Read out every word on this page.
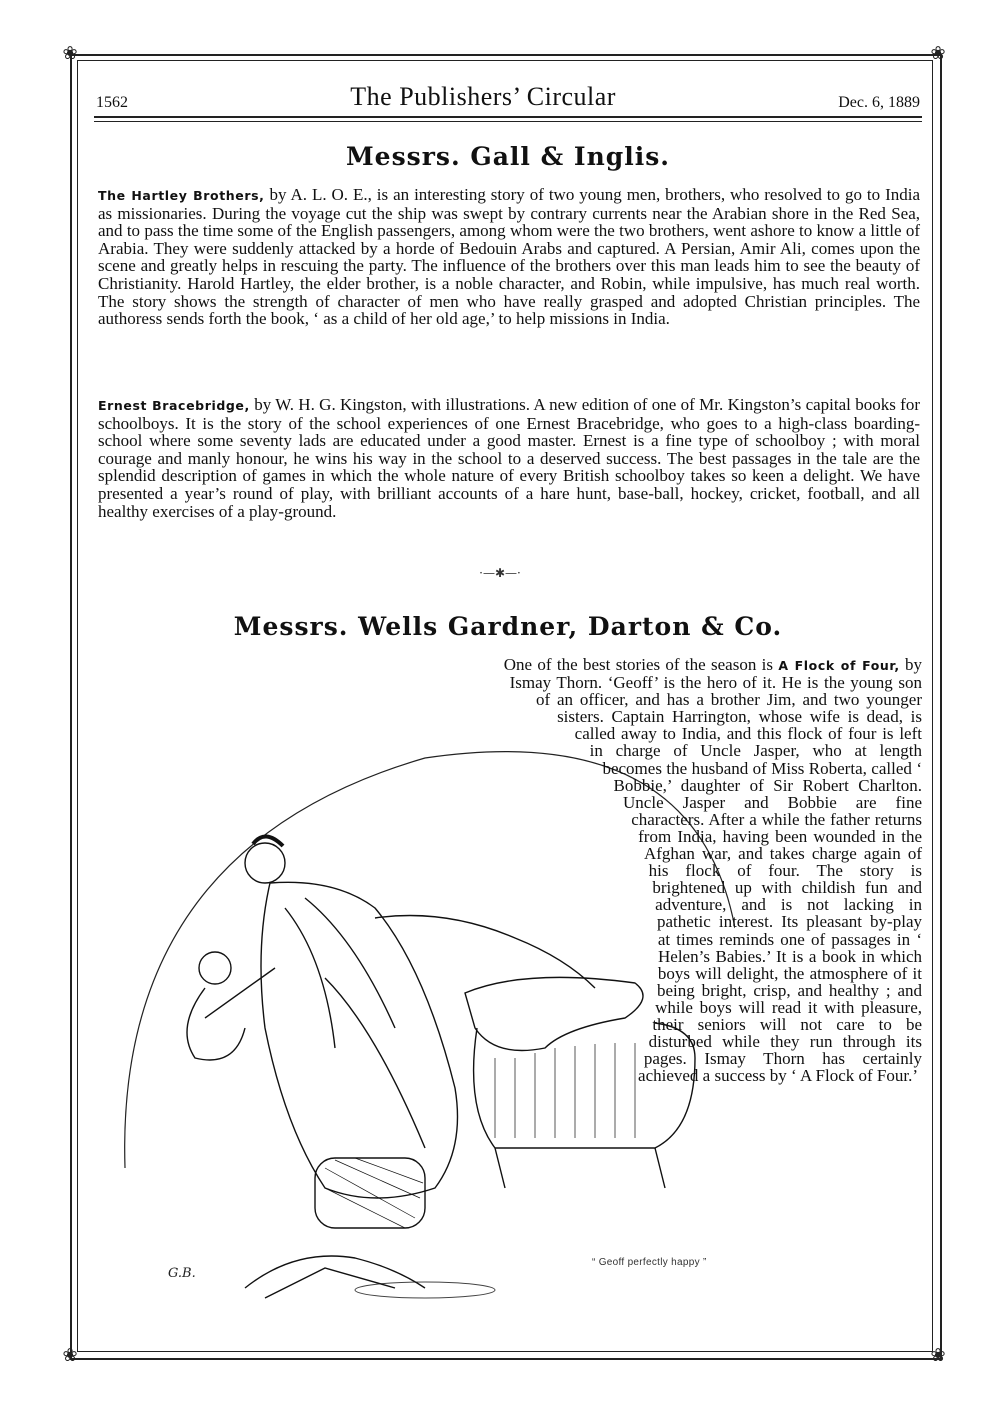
❀	❀
❀	❀
1562	The Publishers’ Circular	Dec. 6, 1889
Messrs. Gall & Inglis.

The Hartley Brothers, by A. L. O. E., is an interesting story of two young men, brothers, who resolved to go to India as missionaries. During the voyage cut the ship was swept by contrary currents near the Arabian shore in the Red Sea, and to pass the time some of the English passengers, among whom were the two brothers, went ashore to know a little of Arabia. They were suddenly attacked by a horde of Bedouin Arabs and captured. A Persian, Amir Ali, comes upon the scene and greatly helps in rescuing the party. The influence of the brothers over this man leads him to see the beauty of Christianity. Harold Hartley, the elder brother, is a noble character, and Robin, while impulsive, has much real worth. The story shows the strength of character of men who have really grasped and adopted Christian principles. The authoress sends forth the book, ‘ as a child of her old age,’ to help missions in India.

Ernest Bracebridge, by W. H. G. Kingston, with illustrations. A new edition of one of Mr. Kingston’s capital books for schoolboys. It is the story of the school experiences of one Ernest Bracebridge, who goes to a high-class boarding-school where some seventy lads are educated under a good master. Ernest is a fine type of schoolboy ; with moral courage and manly honour, he wins his way in the school to a deserved success. The best passages in the tale are the splendid description of games in which the whole nature of every British schoolboy takes so keen a delight. We have presented a year’s round of play, with brilliant accounts of a hare hunt, base-ball, hockey, cricket, football, and all healthy exercises of a play-ground.

·—✱—·
Messrs. Wells Gardner, Darton & Co.
“ Geoff perfectly happy ”
G.B.

One of the best stories of the season is A Flock of Four, by Ismay Thorn. ‘Geoff’ is the hero of it. He is the young son of an officer, and has a brother Jim, and two younger sisters. Captain Harrington, whose wife is dead, is called away to India, and this flock of four is left in charge of Uncle Jasper, who at length becomes the husband of Miss Roberta, called ‘ Bobbie,’ daughter of Sir Robert Charlton. Uncle Jasper and Bobbie are fine characters. After a while the father returns from India, having been wounded in the Afghan war, and takes charge again of his flock of four. The story is brightened up with childish fun and adventure, and is not lacking in pathetic interest. Its pleasant by-play at times reminds one of passages in ‘ Helen’s Babies.’ It is a book in which boys will delight, the atmosphere of it being bright, crisp, and healthy ; and while boys will read it with pleasure, their seniors will not care to be disturbed while they run through its pages. Ismay Thorn has certainly achieved a success by ‘ A Flock of Four.’
